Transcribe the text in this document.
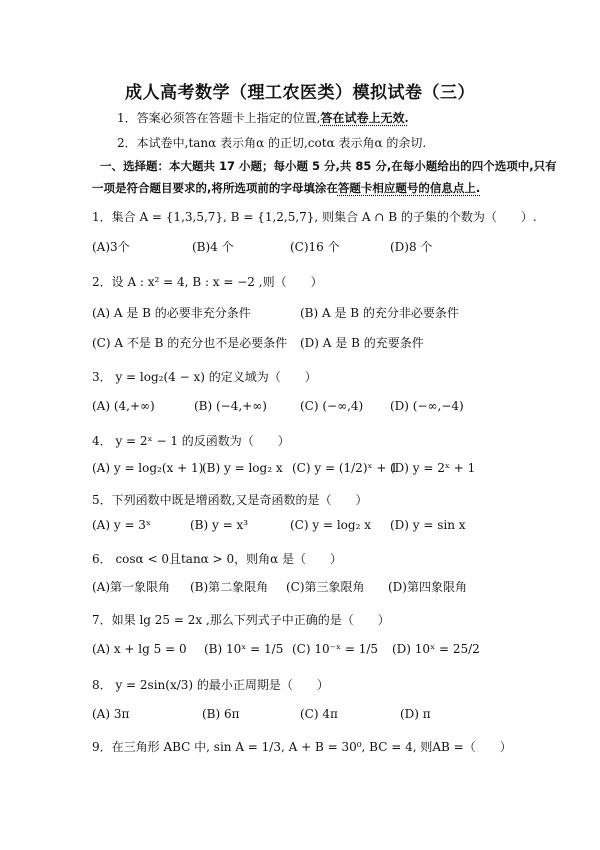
成人高考数学（理工农医类）模拟试卷（三）
1．答案必须答在答题卡上指定的位置,答在试卷上无效.
2．本试卷中,tanα 表示角α 的正切,cotα 表示角α 的余切.
一、选择题：本大题共 17 小题；每小题 5 分,共 85 分,在每小题给出的四个选项中,只有
一项是符合题目要求的,将所选项前的字母填涂在答题卡相应题号的信息点上.
1．集合 A = {1,3,5,7}, B = {1,2,5,7}, 则集合 A ∩ B 的子集的个数为（　　）.
(A)3个	(B)4 个	(C)16 个	(D)8 个
2．设 A : x² = 4, B : x = −2 ,则（　　）
(A) A 是 B 的必要非充分条件	(B) A 是 B 的充分非必要条件
(C) A 不是 B 的充分也不是必要条件 (D) A 是 B 的充要条件
3． y = log₂(4 − x) 的定义域为（　　）
(A) (4,+∞)	(B) (−4,+∞)	(C) (−∞,4) (D) (−∞,−4)
4． y = 2ˣ − 1 的反函数为（　　）
(A) y = log₂(x + 1)
(B) y = log₂ x (C) y = (1/2)ˣ + 1
(D) y = 2ˣ + 1
5．下列函数中既是增函数,又是奇函数的是（　　）
(A) y = 3ˣ	(B) y = x³	(C) y = log₂ x (D) y = sin x
6． cosα < 0且tanα > 0，则角α 是（　　）
(A)第一象限角 (B)第二象限角 (C)第三象限角 (D)第四象限角
7．如果 lg 25 = 2x ,那么下列式子中正确的是（　　）
(A) x + lg 5 = 0 (B) 10ˣ = 1/5 (C) 10⁻ˣ = 1/5 (D) 10ˣ = 25/2
8． y = 2sin(x/3) 的最小正周期是（　　）
(A) 3π	(B) 6π	(C) 4π	(D) π
9．在三角形 ABC 中, sin A = 1/3, A + B = 30⁰, BC = 4, 则AB =（　　）
